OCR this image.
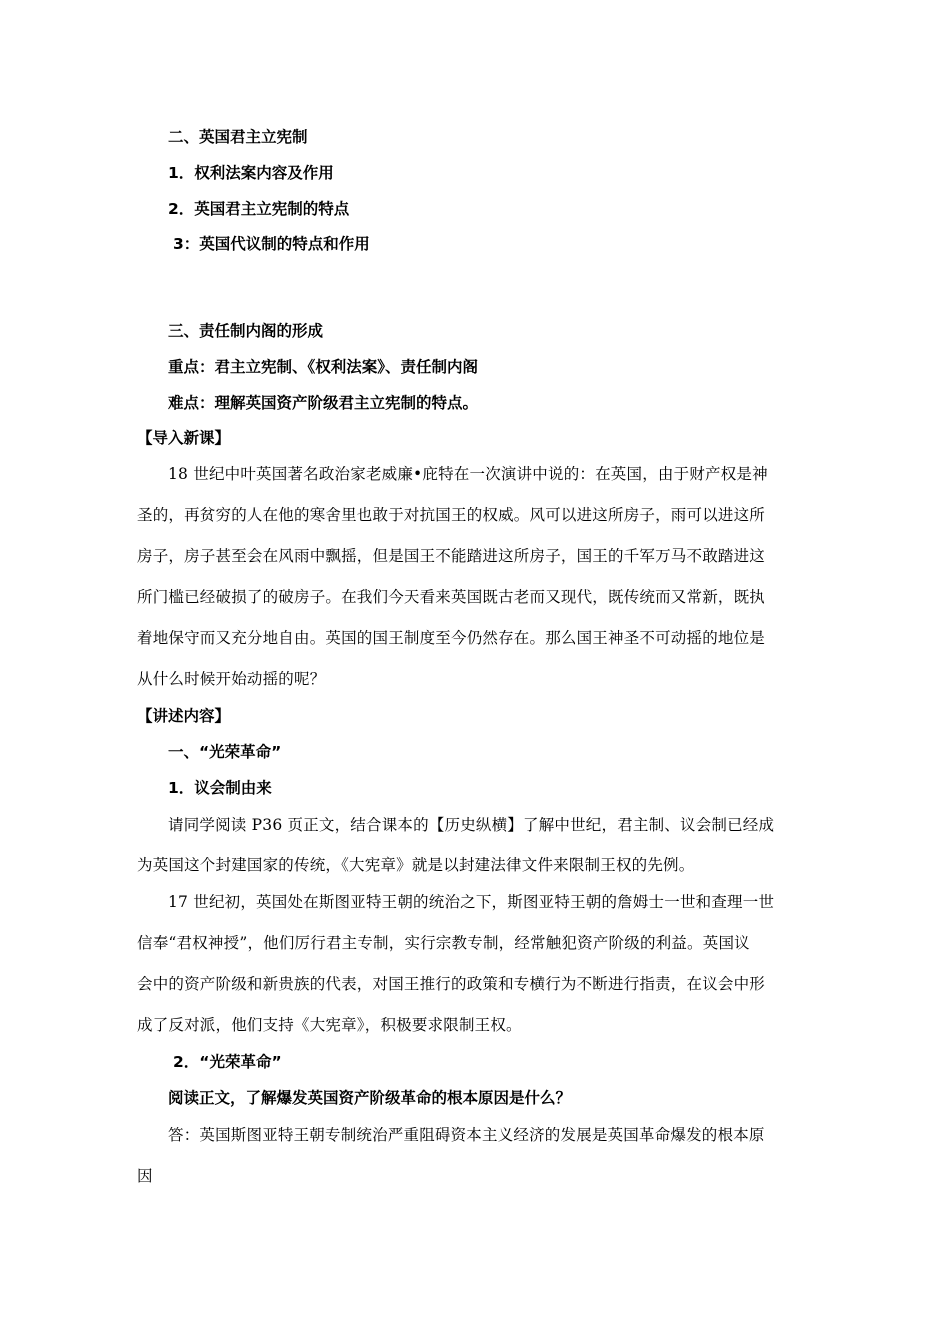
二、英国君主立宪制
1．权利法案内容及作用
2．英国君主立宪制的特点
3：英国代议制的特点和作用
三、责任制内阁的形成
重点：君主立宪制、《权利法案》、责任制内阁
难点：理解英国资产阶级君主立宪制的特点。
【导入新课】
18 世纪中叶英国著名政治家老威廉•庇特在一次演讲中说的：在英国，由于财产权是神
圣的，再贫穷的人在他的寒舍里也敢于对抗国王的权威。风可以进这所房子，雨可以进这所
房子，房子甚至会在风雨中飘摇，但是国王不能踏进这所房子，国王的千军万马不敢踏进这
所门槛已经破损了的破房子。在我们今天看来英国既古老而又现代，既传统而又常新，既执
着地保守而又充分地自由。英国的国王制度至今仍然存在。那么国王神圣不可动摇的地位是
从什么时候开始动摇的呢？
【讲述内容】
一、“光荣革命”
1．议会制由来
请同学阅读 P36 页正文，结合课本的【历史纵横】了解中世纪，君主制、议会制已经成
为英国这个封建国家的传统，《大宪章》就是以封建法律文件来限制王权的先例。
17 世纪初，英国处在斯图亚特王朝的统治之下，斯图亚特王朝的詹姆士一世和查理一世
信奉“君权神授”，他们厉行君主专制，实行宗教专制，经常触犯资产阶级的利益。英国议
会中的资产阶级和新贵族的代表，对国王推行的政策和专横行为不断进行指责，在议会中形
成了反对派，他们支持《大宪章》，积极要求限制王权。
2．“光荣革命”
阅读正文，了解爆发英国资产阶级革命的根本原因是什么？
答：英国斯图亚特王朝专制统治严重阻碍资本主义经济的发展是英国革命爆发的根本原
因
